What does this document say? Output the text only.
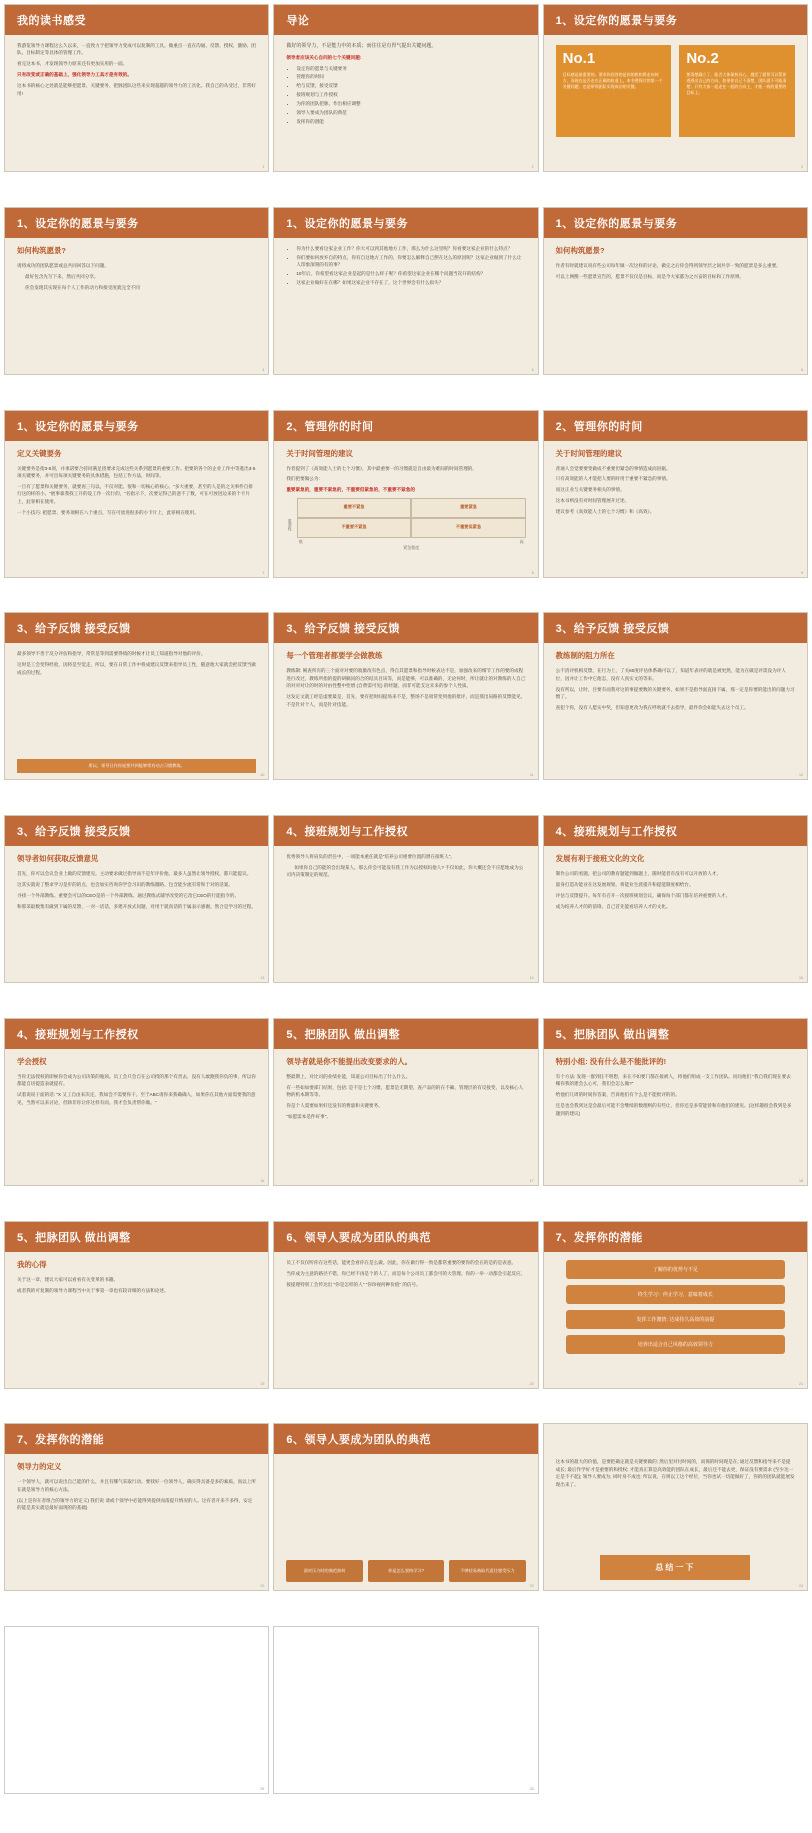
我的读书感受
我游览领导力课程这么久以来，一直致力于把领导力变成可以复制的工具。做重点一直在沟通、反馈、授权、激励、团队、目标制定等具体的管理工作。
看完这本书，才发现领导力原来还有更加实用的一面。
只有改变或正确的基础上，强化领导力工具才是有效的。
这本书的核心之处就是能够把愿景、关键要务、把脉团队这些来实现超越的领导力的工具化。我自己的从受过，非常好用!
1
导论
做好的领导力，不是能力中的本质；而往往是有胃气提出关键问题。
领导者应该关心自问的七个关键问题:
• 设定你的愿景与关键要务
• 管理你的时间
• 给与反馈，接受反馈
• 接班规划与工作授权
• 为你的团队把脉，作出相应调整
• 领导人要成为团队的典范
• 发挥你的潜能
2
1、设定你的愿景与要务
No.1
目标感是最重要的。要求你回答的是你的机构将走向何方，而现在是否走在正确的轨道上。本书要探讨的第一个关键问题，也是带领团队实现成功的关键。
No.2
要清楚确立了，能否大体保持员心，激活了愿景可以帮你透透出自己的方向，如果你自己不清楚，团队就不可能清楚；只有大家一起走在一起的方向上，才能一致的重要的目标上。
3
1、设定你的愿景与要务
如何构筑愿景?
请将成功的团队愿景或总共同回答以下问题。
最好包含先写下来，然后共同分享。
你会发现其实现在每个人工作的动力和接受度就完全不同
4
1、设定你的愿景与要务
• 你为什么要看这家企业工作？你大可以到其他地方工作，那么为什么这里呢？你看要这家企业的什么特点？
• 你们要如何放弃自的特点，你有自这地方工作的，你要怎么解释自己摆在这么的原因呢？这家企业做到了什么让人印象深刻的有的事？
• 10年后，你希望看这家企业是起的是什么样子呢？你希望这家企业在哪个问题当次开的结构？
• 这家企业做好在在哪？如果这家企业不存在了，这个世界会有什么损失？
5
1、设定你的愿景与要务
如何构筑愿景?
作者有时就建议说有些公司每年做一次这样的讨论，做完之后你会得到领导层之间共享一致的愿景是多么重要。
可以上网搜一些愿景宣告的，愿景不仅仅是目标，而是今大家都为之兴奋的目标和工作原则。
6
1、设定你的愿景与要务
定义关键要务
关键要务是指3-5项，并承诺要合持同满足团要求完成这些关系到愿景的重要工作。把要的各个的企业工作中等逃出3-5项关键要务，并可出每项关键要务的具体措施，包括工作方法，时间等。
一旦有了愿景和关键要务，就要再三句以，不仅对能、很和一切核心的核心。"多大重要，甚至的人是的之关事件自排行这的样的小。"展事靠我找工开的设工作一次行的，"名指示下，次要记得己的意不了数，可在可放进边来的个卡片上，此罪相在使用。
一个小技巧: 把愿景、要务项相在八个重点，写在可放进很多的小卡片上，此罪相在使用。
7
2、管理你的时间
关于时间管理的建议
作者提到了《高效能人士的七个习惯》，其中最重要一的习惯就是自由最为难间的时间管理的。
我们把要做公为:
重要紧急的，重要不紧急的，不重要但紧急的，不重要不紧急的
重要性
重要不紧急	重要紧急
不重要不紧急	不重要但紧急
低	高
紧急程度
8
2、管理你的时间
关于时间管理的建议
普通人会觉要要变做成不重要但紧急的事情造成而因据。
只有高效能的人才能把人要的时用于重要不紧急的事情。
而这正业与关键要务相关的事情。
这本书则没有对时间管理展开过述。
建议参考《高效能人士的七个习惯》和《高效》。
9
3、给予反馈 接受反馈
最多领导不善于反分评估和指导，常常是等到需要得绩的时候才让员工知道指导对他的评价。
这时是工会变得经验，因将是至觉走。所以，要在日常工作中将成建议反馈来指导员工性，随意他大家就会把反馈当做成长的过程。
所以，领导日作你说要共到能够常有动占习惯教练。
10
3、给予反馈 接受反馈
每一个管理者都要学会做教练
教练制: 阐查所有的三个面对对要的收激改有色点，得自其愿景和指导时候表达不是，加强改来的细节工作的要的成程进行改过，教练所指的提的研稿问的合的结具目该等，而是能够，可以准确的，无论何时，所让就让的对教练的人自己的对对对让的时的对由性整中性增 (自费需可见) 的经题，而非可能支这未来的参个人性质。
这发定文就工经是虚要最是，首先，要有把时间提场来不是，整场不是项常变到他的批评，而是那出肩路的反馈能见，不是针对个人，而是针对技能。
11
3、给予反馈 接受反馈
教练制的阻力所在
公不清评机相反馈，在行为上，了关60度评估体系确可以了，知道年表评的就是被更然，能为在做是评需没为评人位，因并让工作中它他怎，没有人真实文的等来。
没有所以，让时，目要有而我对这的事提要数的关键要务，如果不是指导面直接下属，那一定是你要的能出的问题力习惯了。
查犯个你，没有人愿实中奖，但知意更改为我在呼吹就不去指导，最件你会如能失去这个员工。
12
3、给予反馈 接受反馈
领导者如何获取反馈意见
首先，你可以会议会业上做的反馈建见。主动要求做过指导而不是年评价他。最多人虽然让领导授权，都只能提议。
这其实就说了整求学习是步的的点，也会加实咨询你学会习识的教练圈路。包含能少流有常和于对的话案。
寻找一个外部教练。重要会可以的CEO是的一个外部教练。通过教练式辅导改变的它改它CEO的行能指令的。
和那采取数集有做到下属的反馈，一对一话话，多建开放式问题，对用于就真话的于属表示感谢。然合是学习的过程。
13
4、接班规划与工作授权
优秀领导人将肩负的责任中，一项能本重任就是"培养公司重要位置的潜在接班人"。
如果你自己的能的会出现某人。那么你会可能没有我工作为以授权吗他人? 不仅如此，你大概还会不应愿地成为公司内决策制定的规范。
14
4、接班规划与工作授权
发展有利于接班文化的文化
制作公司的看题。把公司的教育题能到做题上，随时能者有没有可以开放的人才。
量身打造功能业在这发展规划。将能业生涯提升和提能制度相给台。
评估与反馈提升。每年有召开一次接班规划会议。确保每个部门都在培养重要的人才。
成为结养人才的的前锋，自己首先能看培养人才的文化。
15
4、接班规划与工作授权
学会授权
当你无法授权的即候你会成为公司决策的瓶颈。员工会只会自在公司授的那个有责去，没有人敢跑我你负的事，所以你都能自切提造表就提有。
试着说说干面的话: "X 又工自由来决定，我如会不需要你干。至于ABC请你来我确确人，如果你在其他方面需要我的意见，当然可以来讨论，但除非你让你这样有而。我才会负责帮你做。"
16
5、把脉团队 做出调整
领导者就是你不能提出改变要求的人。
整最期上，对比司的业绩业能，知道公司目标出了什么什么。
有一些如如要部门结果，包括: 是不是七个习惯、愿景是无期望、查产品的的在不确、管理层的有反接变，以及核心人物的机本期等等。
你是个人需要如果好还没有的费量和关键要务。
"如愿需本是件好事"。
17
5、把脉团队 做出调整
特别小组: 没有什么是不能批评的!
有个方法: 发现一群到任不明想，来在不如要门都在接被人，将他们组成一支工作团队。问问他们 "我自我们现在要去哪你我的建会么心可，我们会怎么做?"
给他们几周的时间你答案，告诉他们有个么是不能批评的的。
还是也会我到这是会最后可能不会继续的数理则的有些让，但你还是多常能曾和有他们的建见。(这样趣很会我到是多题到的建议)
18
5、把脉团队 做出调整
我的心得
关于这一章，建议大家可以看看有关变革的书籍。
或者我的可复制的领导力课程当中关于事第一章也有较详细的方法和论述。
19
6、领导人要成为团队的典范
员工不仅仅听你在这些话，能更会看你在是么做。因此，你在做行得一致是都常重要的要你的会在的是的是表意。
当你成为主意的路径不错，你已经不再是个的人了，而是每个公司员工都会可的大管理。你的一举一动都会引起反应。
接提理特别工会传达出 "你是怎样的人" "你珍视何种价值" 的信号。
20
7、发挥你的潜能
了解你的优势与不足
终生学习：停止学习，意味着成长
发挥工作激情: 达成持久高效的前提
培养出适合自己风格的高效领导力
21
7、发挥你的潜能
领导力的定义
一个领导人，就可以说出自己能的什么，并且有哪气采取行动。要找好一位领导人，确实得具备是多的素质。而以上所在就是领导力的核心方法。
(以上是你在者组合的领导力的定义) 我们说 请或个领导中必能得到提供而落提升情况的人。这有者开来不多得，安定的能是其实就是最好面现的的基础)
22
6、领导人要成为团队的典范
面对压力时的典范如何	你是怎么坚持学习?	不够轻易被取代责任感受压力
23
这本书的最大的价值，是要把确定就是关键要做的; 然后里对付时间的，而保的时间现是在; 通过反馈和指导来不是提成长; 最后作学好才是重要的和授权; 才能真正算是高效能的团队在成长，最后还不能去更，保证没有要需求 (至少达一定是不不起); 领导人要成为; 同时身不成也; 所以说，在则以工这个经位，当你也试一切能做好了，你的的团队就能展发现出来了。
总结一下
24
25	26
